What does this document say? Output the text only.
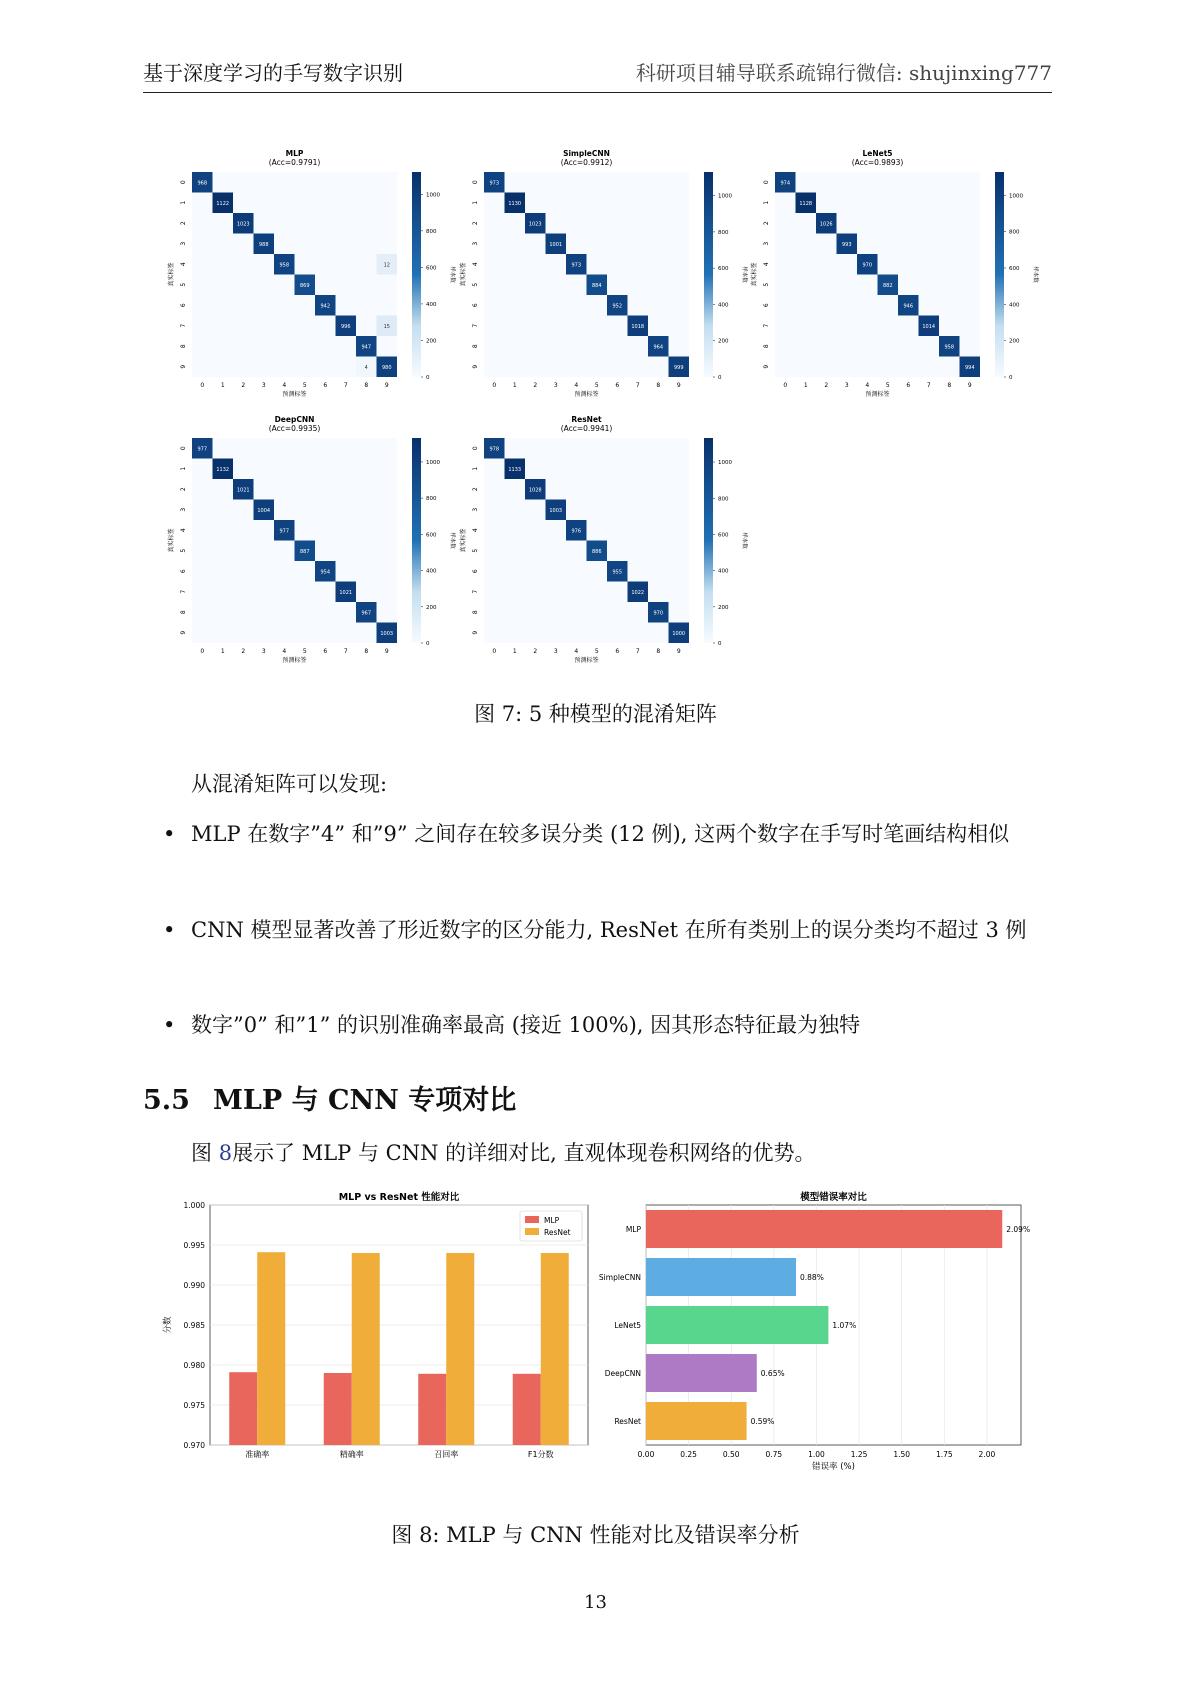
基于深度学习的手写数字识别	科研项目辅导联系疏锦行微信: shujinxing777
MLP
(Acc=0.9791)
968
1122
1023
988
958	12
869
942
996	15
947
4	980
0
0
1
1
2
2
3
3
4
4
5
5
6
6
7
7
8
8
9
9
真实标签
预测标签
0
200
400
600
800
1000
样本数
SimpleCNN
(Acc=0.9912)
973
1130
1023
1001
973
884
952
1018
964
999
0
0
1
1
2
2
3
3
4
4
5
5
6
6
7
7
8
8
9
9
真实标签
预测标签
0
200
400
600
800
1000
样本数
LeNet5
(Acc=0.9893)
974
1128
1026
993
970
882
946
1014
958
994
0
0
1
1
2
2
3
3
4
4
5
5
6
6
7
7
8
8
9
9
真实标签
预测标签
0
200
400
600
800
1000
样本数
DeepCNN
(Acc=0.9935)
977
1132
1021
1004
977
887
954
1021
967
1003
0
0
1
1
2
2
3
3
4
4
5
5
6
6
7
7
8
8
9
9
真实标签
预测标签
0
200
400
600
800
1000
样本数
ResNet
(Acc=0.9941)
978
1133
1028
1003
976
886
955
1022
970
1000
0
0
1
1
2
2
3
3
4
4
5
5
6
6
7
7
8
8
9
9
真实标签
预测标签
0
200
400
600
800
1000
样本数
图 7: 5 种模型的混淆矩阵
从混淆矩阵可以发现:
• MLP 在数字”4” 和”9” 之间存在较多误分类 (12 例), 这两个数字在手写时笔画结构相似
• CNN 模型显著改善了形近数字的区分能力, ResNet 在所有类别上的误分类均不超过 3 例
• 数字”0” 和”1” 的识别准确率最高 (接近 100%), 因其形态特征最为独特
5.5 MLP 与 CNN 专项对比
图 8展示了 MLP 与 CNN 的详细对比, 直观体现卷积网络的优势。
MLP vs ResNet 性能对比
0.970
0.975
0.980
0.985
0.990
0.995
1.000
分数
准确率	精确率	召回率	F1分数
MLP
ResNet
模型错误率对比
0.00	0.25	0.50	0.75	1.00	1.25	1.50	1.75	2.00
错误率 (%)
MLP	2.09%
SimpleCNN	0.88%
LeNet5	1.07%
DeepCNN	0.65%
ResNet	0.59%
图 8: MLP 与 CNN 性能对比及错误率分析
13
